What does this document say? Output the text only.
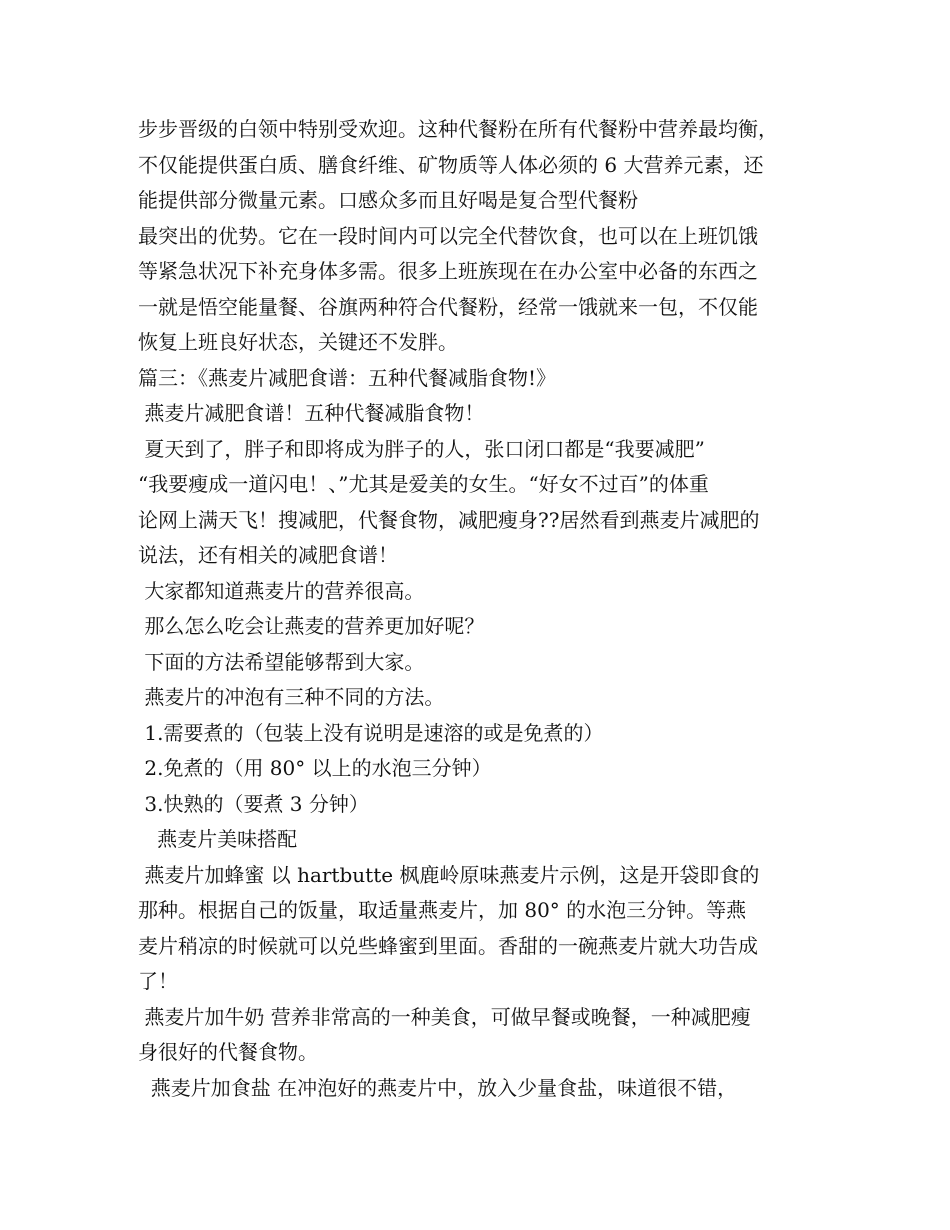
步步晋级的白领中特别受欢迎。这种代餐粉在所有代餐粉中营养最均衡，
不仅能提供蛋白质、膳食纤维、矿物质等人体必须的 6 大营养元素，还
能提供部分微量元素。口感众多而且好喝是复合型代餐粉
最突出的优势。它在一段时间内可以完全代替饮食，也可以在上班饥饿
等紧急状况下补充身体多需。很多上班族现在在办公室中必备的东西之
一就是悟空能量餐、谷旗两种符合代餐粉，经常一饿就来一包，不仅能
恢复上班良好状态，关键还不发胖。
篇三：《燕麦片减肥食谱：五种代餐减脂食物!》
燕麦片减肥食谱！五种代餐减脂食物！
夏天到了，胖子和即将成为胖子的人，张口闭口都是“我要减肥”
“我要瘦成一道闪电！、”尤其是爱美的女生。“好女不过百”的体重
论网上满天飞！搜减肥，代餐食物，减肥瘦身??居然看到燕麦片减肥的
说法，还有相关的减肥食谱！
大家都知道燕麦片的营养很高。
那么怎么吃会让燕麦的营养更加好呢？
下面的方法希望能够帮到大家。
燕麦片的冲泡有三种不同的方法。
1.需要煮的（包装上没有说明是速溶的或是免煮的）
2.免煮的（用 80° 以上的水泡三分钟）
3.快熟的（要煮 3 分钟）
燕麦片美味搭配
燕麦片加蜂蜜 以 hartbutte 枫鹿岭原味燕麦片示例，这是开袋即食的
那种。根据自己的饭量，取适量燕麦片，加 80° 的水泡三分钟。等燕
麦片稍凉的时候就可以兑些蜂蜜到里面。香甜的一碗燕麦片就大功告成
了！
燕麦片加牛奶 营养非常高的一种美食，可做早餐或晚餐，一种减肥瘦
身很好的代餐食物。
燕麦片加食盐 在冲泡好的燕麦片中，放入少量食盐，味道很不错，
